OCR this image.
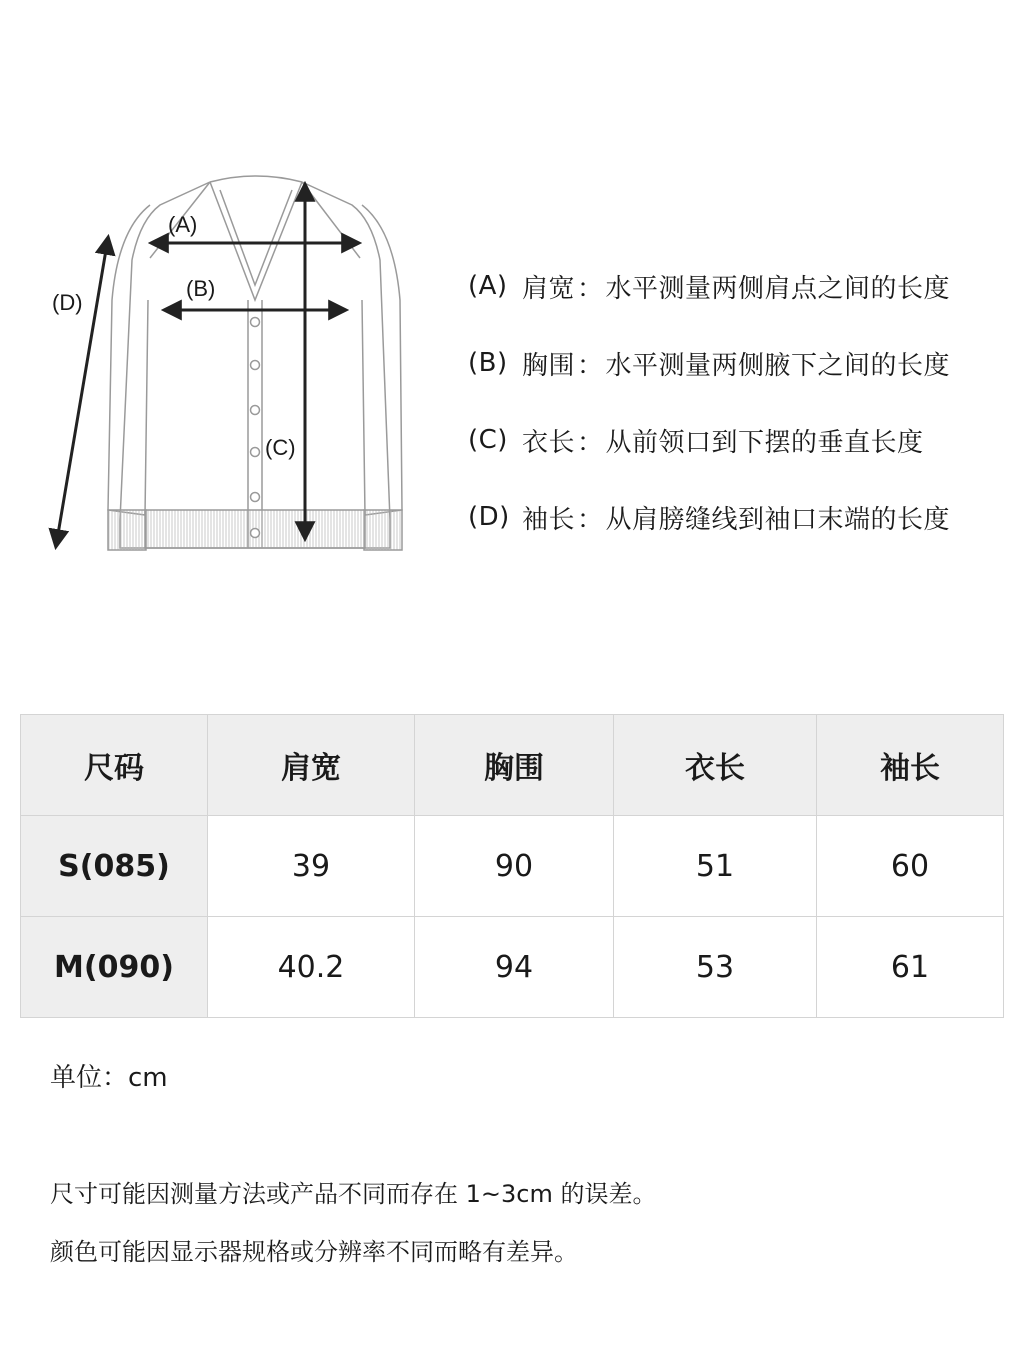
(A)
(B)
(C)
(D)
(A) 肩宽 ： 水平测量两侧肩点之间的长度
(B) 胸围 ： 水平测量两侧腋下之间的长度
(C) 衣长 ： 从前领口到下摆的垂直长度
(D) 袖长 ： 从肩膀缝线到袖口末端的长度
尺码	肩宽	胸围	衣长	袖长
S(085)	39	90	51	60
M(090)	40.2	94	53	61
单位：cm
尺寸可能因测量方法或产品不同而存在 1~3cm 的误差。
颜色可能因显示器规格或分辨率不同而略有差异。
